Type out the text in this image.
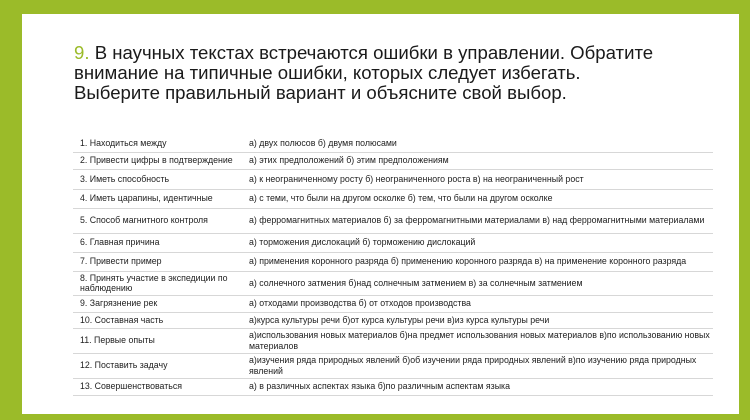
9. В научных текстах встречаются ошибки в управлении. Обратите
внимание на типичные ошибки, которых следует избегать.
Выберите правильный вариант и объясните свой выбор.
1. Находиться между	а) двух полюсов б) двумя полюсами
2. Привести цифры в подтверждение	а) этих предположений б) этим предположениям
3. Иметь способность	а) к неограниченному росту б) неограниченного роста в) на неограниченный рост
4. Иметь царапины, идентичные	а) с теми, что были на другом осколке б) тем, что были на другом осколке
5. Способ магнитного контроля	а) ферромагнитных материалов б) за ферромагнитными материалами в) над ферромагнитными материалами
6. Главная причина	а) торможения дислокаций б) торможению дислокаций
7. Привести пример	а) применения коронного разряда б) применению коронного разряда в) на применение коронного разряда
8. Принять участие в экспедиции по наблюдению	а) солнечного затмения б)над солнечным затмением в) за солнечным затмением
9. Загрязнение рек	а) отходами производства б) от отходов производства
10. Составная часть	а)курса культуры речи б)от курса культуры речи в)из курса культуры речи
11. Первые опыты	а)использования новых материалов б)на предмет использования новых материалов в)по использованию новых материалов
12. Поставить задачу	а)изучения ряда природных явлений б)об изучении ряда природных явлений в)по изучению ряда природных явлений
13. Совершенствоваться	а) в различных аспектах языка б)по различным аспектам языка
